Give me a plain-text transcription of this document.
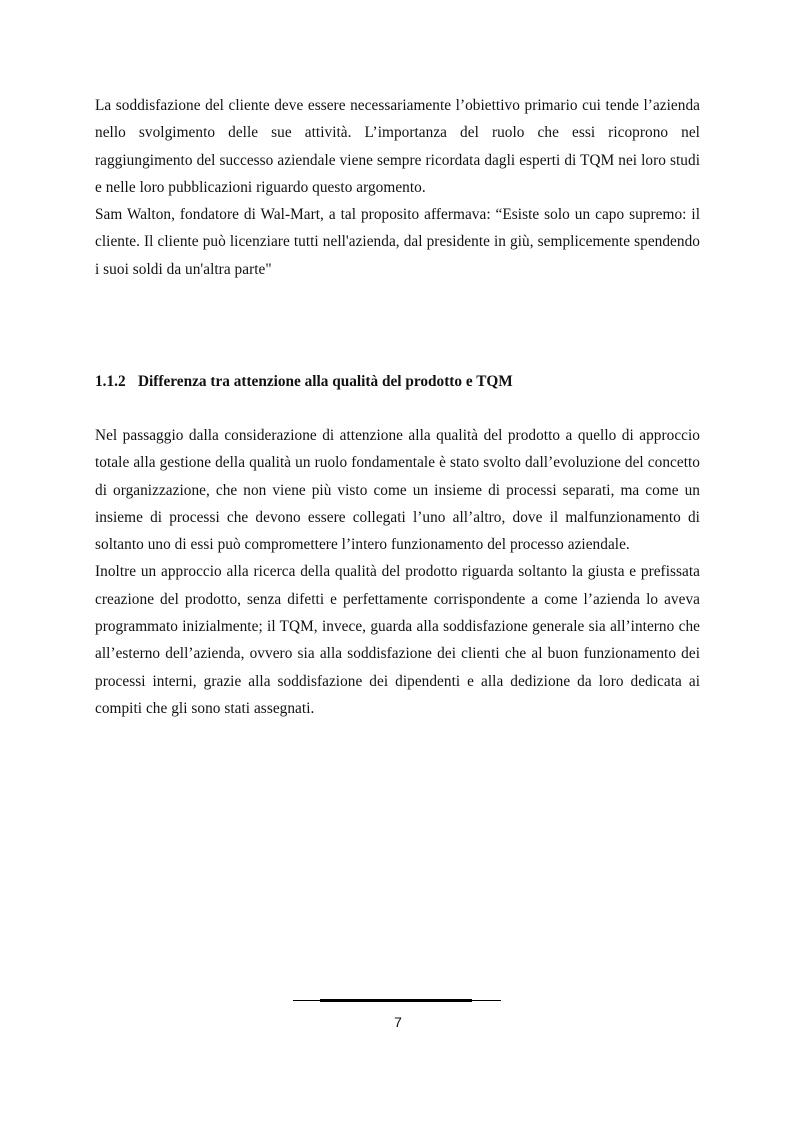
La soddisfazione del cliente deve essere necessariamente l’obiettivo primario cui tende l’azienda nello svolgimento delle sue attività. L’importanza del ruolo che essi ricoprono nel raggiungimento del successo aziendale viene sempre ricordata dagli esperti di TQM nei loro studi e nelle loro pubblicazioni riguardo questo argomento.

Sam Walton, fondatore di Wal-Mart, a tal proposito affermava: “Esiste solo un capo supremo: il cliente. Il cliente può licenziare tutti nell'azienda, dal presidente in giù, semplicemente spendendo i suoi soldi da un'altra parte"

1.1.2 Differenza tra attenzione alla qualità del prodotto e TQM

Nel passaggio dalla considerazione di attenzione alla qualità del prodotto a quello di approccio totale alla gestione della qualità un ruolo fondamentale è stato svolto dall’evoluzione del concetto di organizzazione, che non viene più visto come un insieme di processi separati, ma come un insieme di processi che devono essere collegati l’uno all’altro, dove il malfunzionamento di soltanto uno di essi può compromettere l’intero funzionamento del processo aziendale.

Inoltre un approccio alla ricerca della qualità del prodotto riguarda soltanto la giusta e prefissata creazione del prodotto, senza difetti e perfettamente corrispondente a come l’azienda lo aveva programmato inizialmente; il TQM, invece, guarda alla soddisfazione generale sia all’interno che all’esterno dell’azienda, ovvero sia alla soddisfazione dei clienti che al buon funzionamento dei processi interni, grazie alla soddisfazione dei dipendenti e alla dedizione da loro dedicata ai compiti che gli sono stati assegnati.

7
